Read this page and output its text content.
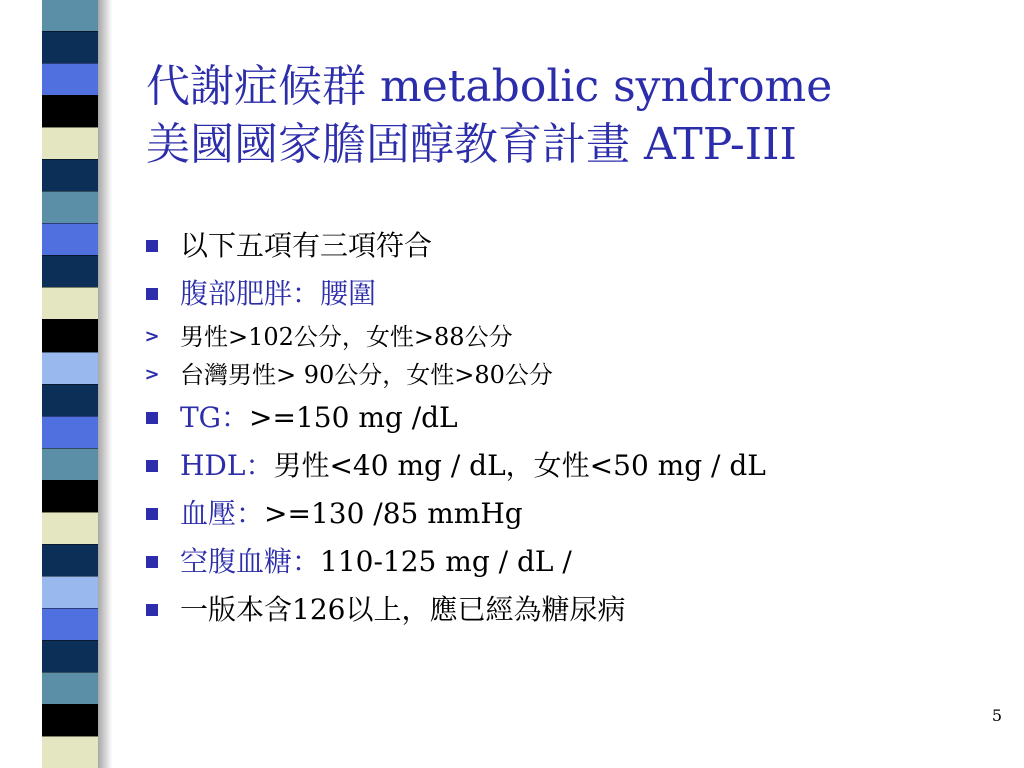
代謝症候群 metabolic syndrome
美國國家膽固醇教育計畫 ATP-III
以下五項有三項符合
腹部肥胖：腰圍
> 男性>102公分，女性>88公分
> 台灣男性> 90公分，女性>80公分
TG：>=150 mg /dL
HDL：男性<40 mg / dL，女性<50 mg / dL
血壓：>=130 /85 mmHg
空腹血糖：110-125 mg / dL /
一版本含126以上，應已經為糖尿病
5
